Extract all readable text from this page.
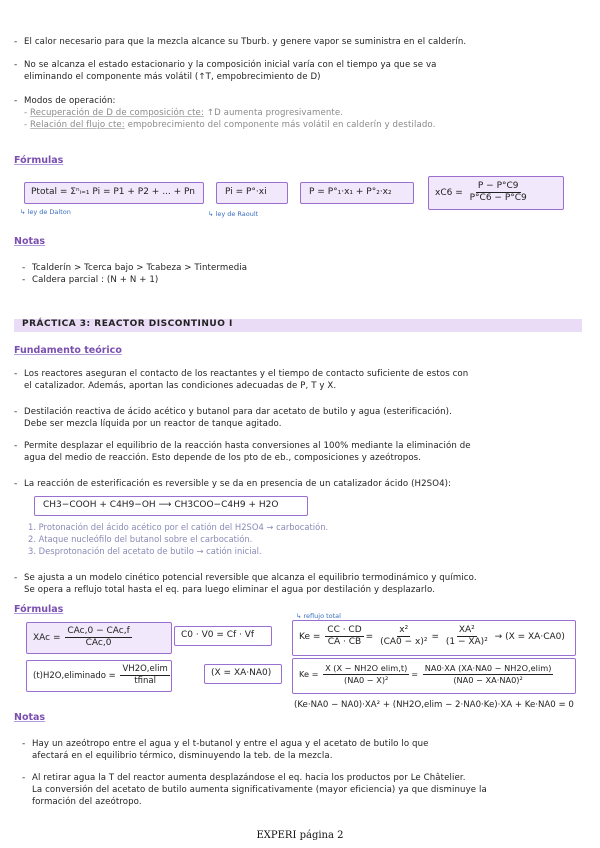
- El calor necesario para que la mezcla alcance su Tburb. y genere vapor se suministra en el calderín.
- No se alcanza el estado estacionario y la composición inicial varía con el tiempo ya que se va
eliminando el componente más volátil (↑T, empobrecimiento de D)
- Modos de operación:
- Recuperación de D de composición cte: ↑D aumenta progresivamente.
- Relación del flujo cte: empobrecimiento del componente más volátil en calderín y destilado.
Fórmulas
Ptotal = Σⁿᵢ₌₁ Pi = P1 + P2 + ... + Pn
↳ ley de Dalton
Pi = P°·xi
↳ ley de Raoult
P = P°₁·x₁ + P°₂·x₂	$xC6 = \frac{P - P^\circ C9}{P^\circ C6 - P^\circ C9}$
Notas
- Tcalderín > Tcerca bajo > Tcabeza > Tintermedia
- Caldera parcial : (N + N + 1)
PRÁCTICA 3: REACTOR DISCONTINUO I
Fundamento teórico
- Los reactores aseguran el contacto de los reactantes y el tiempo de contacto suficiente de estos con
el catalizador. Además, aportan las condiciones adecuadas de P, T y X.
- Destilación reactiva de ácido acético y butanol para dar acetato de butilo y agua (esterificación).
Debe ser mezcla líquida por un reactor de tanque agitado.
- Permite desplazar el equilibrio de la reacción hasta conversiones al 100% mediante la eliminación de
agua del medio de reacción. Esto depende de los pto de eb., composiciones y azeótropos.
- La reacción de esterificación es reversible y se da en presencia de un catalizador ácido (H2SO4):
CH3−COOH + C4H9−OH ⟶ CH3COO−C4H9 + H2O
1. Protonación del ácido acético por el catión del H2SO4 → carbocatión.
2. Ataque nucleófilo del butanol sobre el carbocatión.
3. Desprotonación del acetato de butilo → catión inicial.
- Se ajusta a un modelo cinético potencial reversible que alcanza el equilibrio termodinámico y químico.
Se opera a reflujo total hasta el eq. para luego eliminar el agua por destilación y desplazarlo.
Fórmulas
XAc = $\frac{\text{CAc,0 − CAc,f}}{\text{CAc,0}}$	C0 · V0 = Cf · Vf
↳ reflujo total
$Ke = \frac{CC \cdot CD}{CA \cdot CB} = \frac{\text{x²}}{\text{(CA0 − x)²}} = \frac{\text{XA²}}{\text{(1 − XA)²}} \to (X = XA\cdot CA0)$
(t)H2O,eliminado = $\frac{VH2O,elim}{\text{tfinal}}$	(X = XA·NA0)	$Ke = \frac{\text{X (X − NH2O elim,t)}}{\text{(NA0 − X)²}} = \frac{NA0\cdot XA (XA\cdot NA0 - NH2O,elim)}{\text{(NA0 − XA·NA0)²}}$
(Ke·NA0 − NA0)·XA² + (NH2O,elim − 2·NA0·Ke)·XA + Ke·NA0 = 0
Notas
- Hay un azeótropo entre el agua y el t-butanol y entre el agua y el acetato de butilo lo que
afectará en el equilibrio térmico, disminuyendo la teb. de la mezcla.
- Al retirar agua la T del reactor aumenta desplazándose el eq. hacia los productos por Le Châtelier.
La conversión del acetato de butilo aumenta significativamente (mayor eficiencia) ya que disminuye la
formación del azeótropo.
EXPERI página 2
